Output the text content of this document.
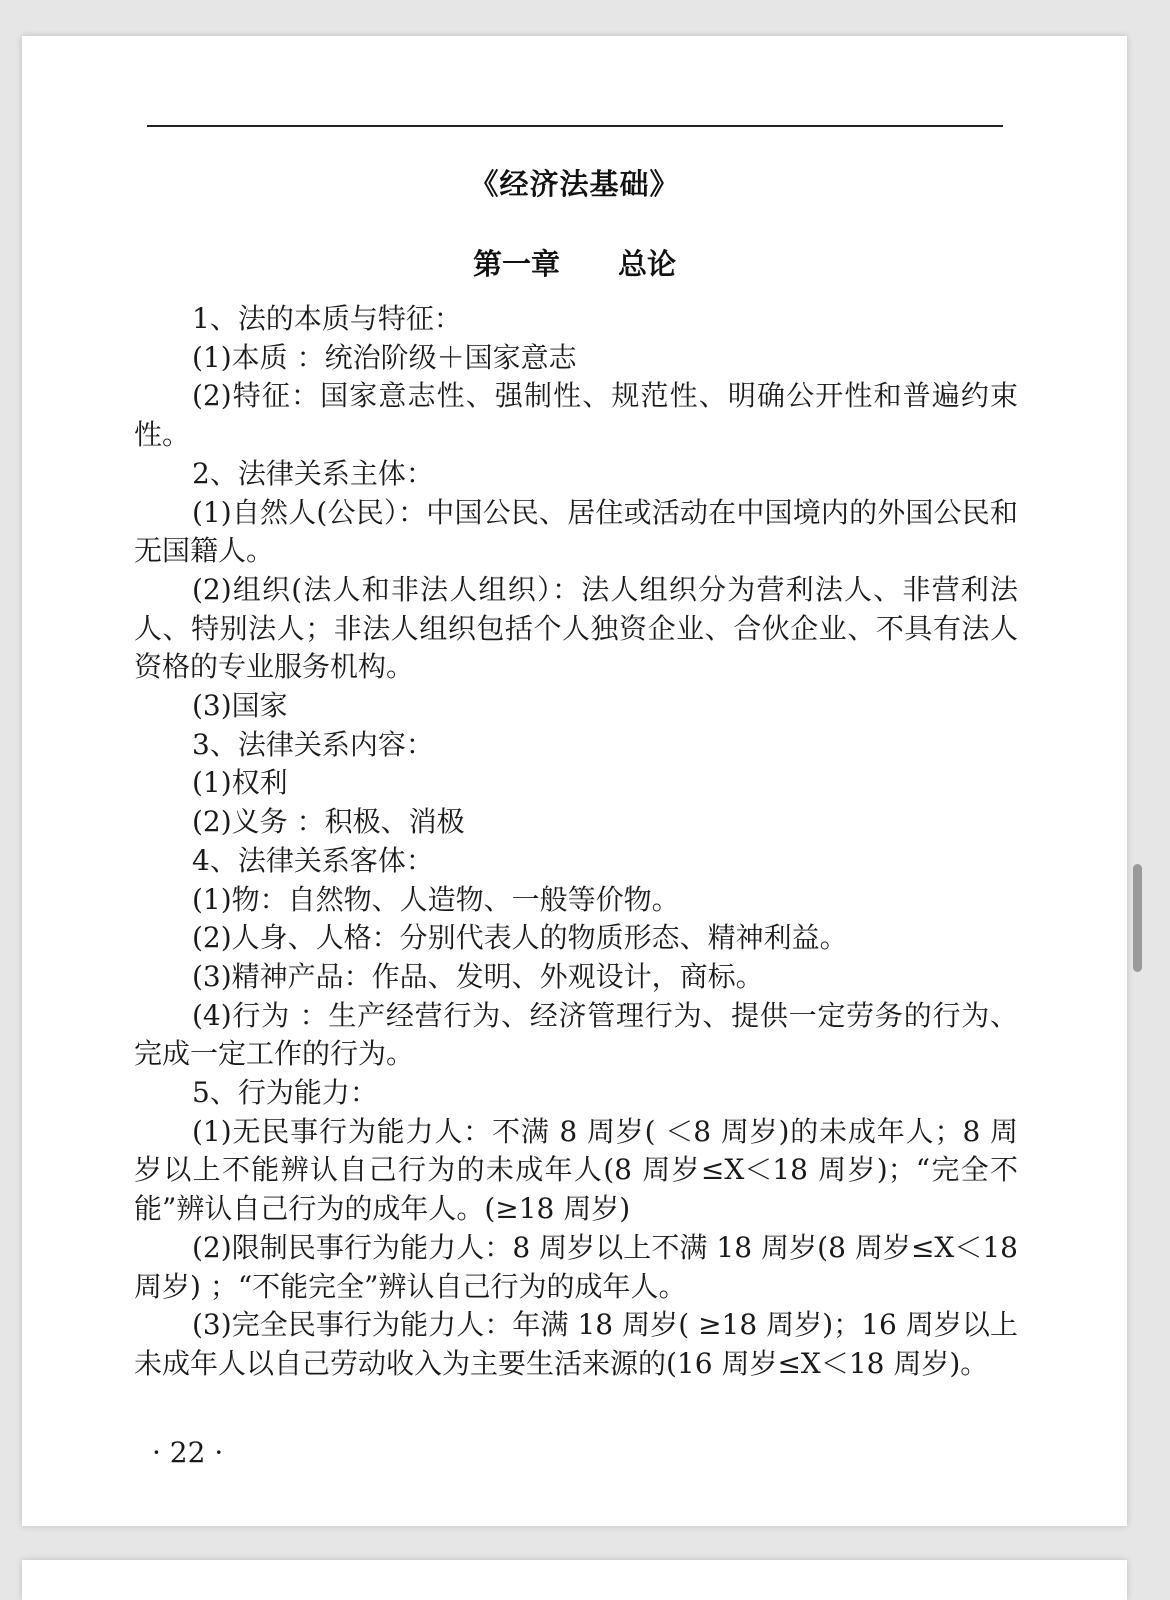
《经济法基础》
第一章　　总论

1、法的本质与特征：

(1)本质 ：统治阶级＋国家意志

(2)特征：国家意志性、强制性、规范性、明确公开性和普遍约束性。

2、法律关系主体：

(1)自然人(公民）：中国公民、居住或活动在中国境内的外国公民和无国籍人。

(2)组织(法人和非法人组织）：法人组织分为营利法人、非营利法人、特别法人；非法人组织包括个人独资企业、合伙企业、不具有法人资格的专业服务机构。

(3)国家

3、法律关系内容：

(1)权利

(2)义务 ：积极、消极

4、法律关系客体：

(1)物：自然物、人造物、一般等价物。

(2)人身、人格：分别代表人的物质形态、精神利益。

(3)精神产品：作品、发明、外观设计，商标。

(4)行为 ：生产经营行为、经济管理行为、提供一定劳务的行为、完成一定工作的行为。

5、行为能力：

(1)无民事行为能力人：不满 8 周岁( ＜8 周岁)的未成年人；8 周岁以上不能辨认自己行为的未成年人(8 周岁≤X＜18 周岁)；“完全不能”辨认自己行为的成年人。(≥18 周岁)

(2)限制民事行为能力人：8 周岁以上不满 18 周岁(8 周岁≤X＜18 周岁) ；“不能完全”辨认自己行为的成年人。

(3)完全民事行为能力人：年满 18 周岁( ≥18 周岁)；16 周岁以上未成年人以自己劳动收入为主要生活来源的(16 周岁≤X＜18 周岁)。

· 22 ·
